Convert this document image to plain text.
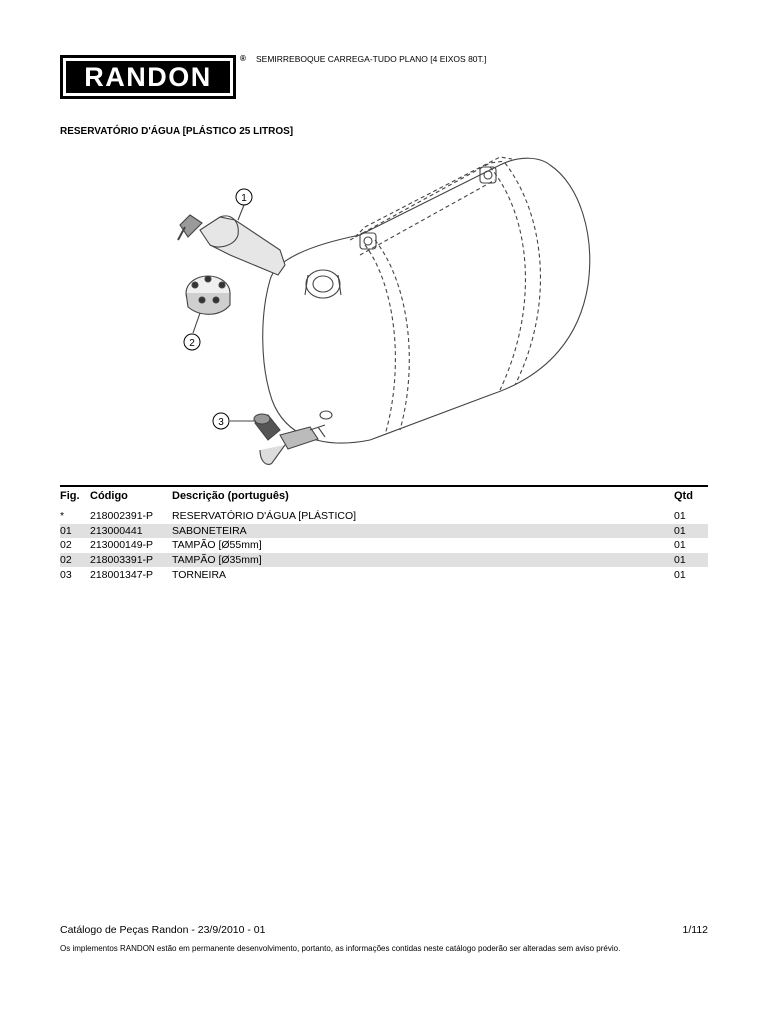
RANDON
® SEMIRREBOQUE CARREGA-TUDO PLANO [4 EIXOS 80T.]
RESERVATÓRIO D'ÁGUA [PLÁSTICO 25 LITROS]
1
2
3
Fig.	Código	Descrição (português)	Qtd
*	218002391-P	RESERVATÓRIO D'ÁGUA [PLÁSTICO]	01
01	213000441	SABONETEIRA	01
02	213000149-P	TAMPÃO [Ø55mm]	01
02	218003391-P	TAMPÃO [Ø35mm]	01
03	218001347-P	TORNEIRA	01
Catálogo de Peças Randon - 23/9/2010 - 01	1/112
Os implementos RANDON estão em permanente desenvolvimento, portanto, as informações contidas neste catálogo poderão ser alteradas sem aviso prévio.
